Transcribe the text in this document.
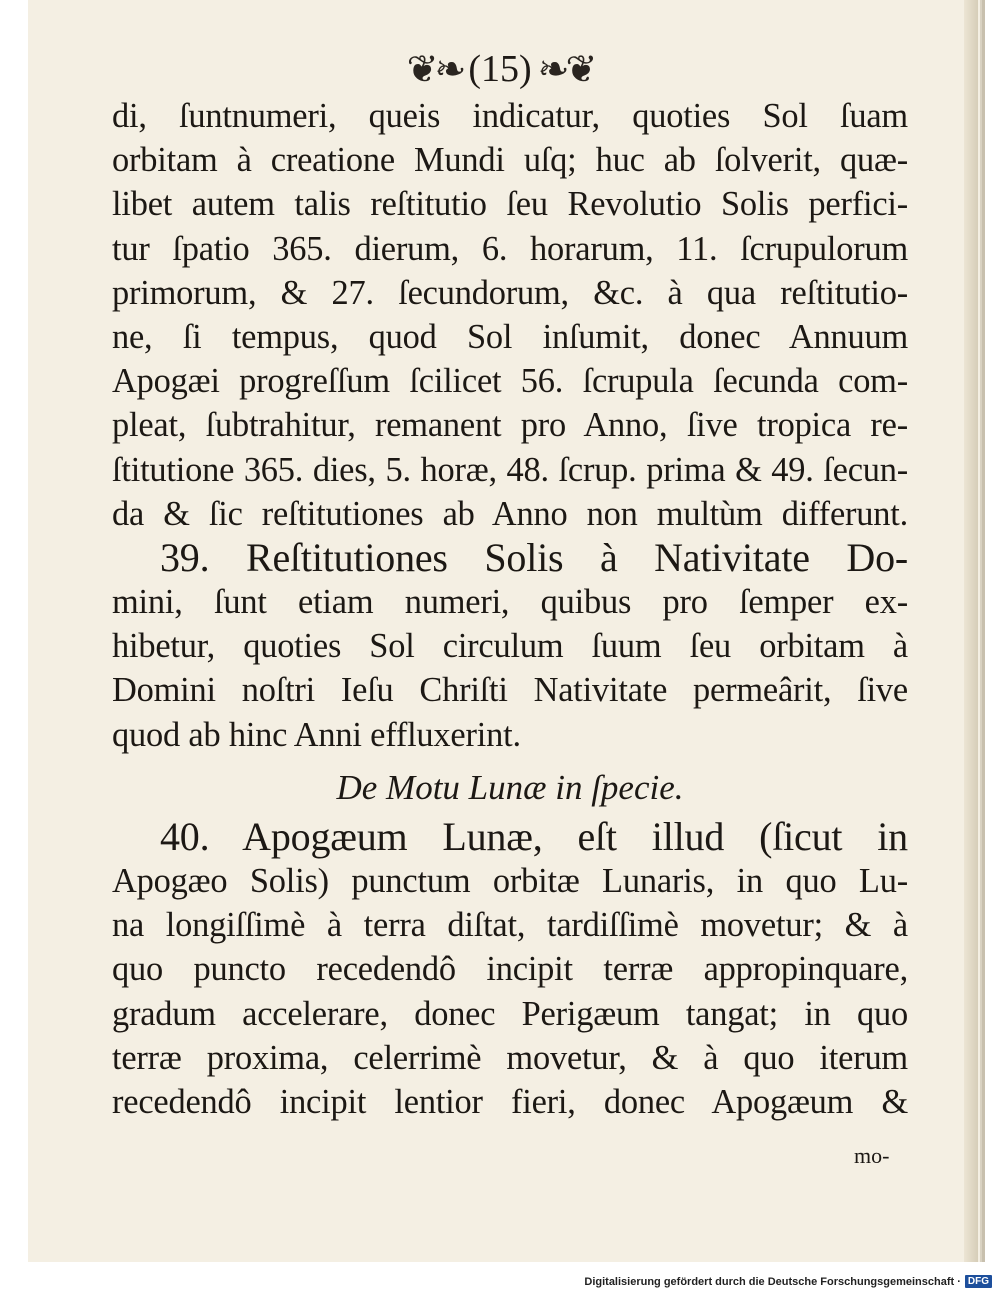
❦❧ (15) ❧❦
di, ſuntnumeri, queis indicatur, quoties Sol ſuam
orbitam à creatione Mundi uſq; huc ab ſolverit, quæ-
libet autem talis reſtitutio ſeu Revolutio Solis perfici-
tur ſpatio 365. dierum, 6. horarum, 11. ſcrupulorum
primorum, & 27. ſecundorum, &c. à qua reſtitutio-
ne, ſi tempus, quod Sol inſumit, donec Annuum
Apogæi progreſſum ſcilicet 56. ſcrupula ſecunda com-
pleat, ſubtrahitur, remanent pro Anno, ſive tropica re-
ſtitutione 365. dies, 5. horæ, 48. ſcrup. prima & 49. ſecun-
da & ſic reſtitutiones ab Anno non multùm differunt.
39. Reſtitutiones Solis à Nativitate Do-
mini, ſunt etiam numeri, quibus pro ſemper ex-
hibetur, quoties Sol circulum ſuum ſeu orbitam à
Domini noſtri Ieſu Chriſti Nativitate permeârit, ſive
quod ab hinc Anni effluxerint.
De Motu Lunæ in ſpecie.
40. Apogæum Lunæ, eſt illud (ſicut in
Apogæo Solis) punctum orbitæ Lunaris, in quo Lu-
na longiſſimè à terra diſtat, tardiſſimè movetur; & à
quo puncto recedendô incipit terræ appropinquare,
gradum accelerare, donec Perigæum tangat; in quo
terræ proxima, celerrimè movetur, & à quo iterum
recedendô incipit lentior fieri, donec Apogæum &
mo-
Digitalisierung gefördert durch die Deutsche Forschungsgemeinschaft · DFG
